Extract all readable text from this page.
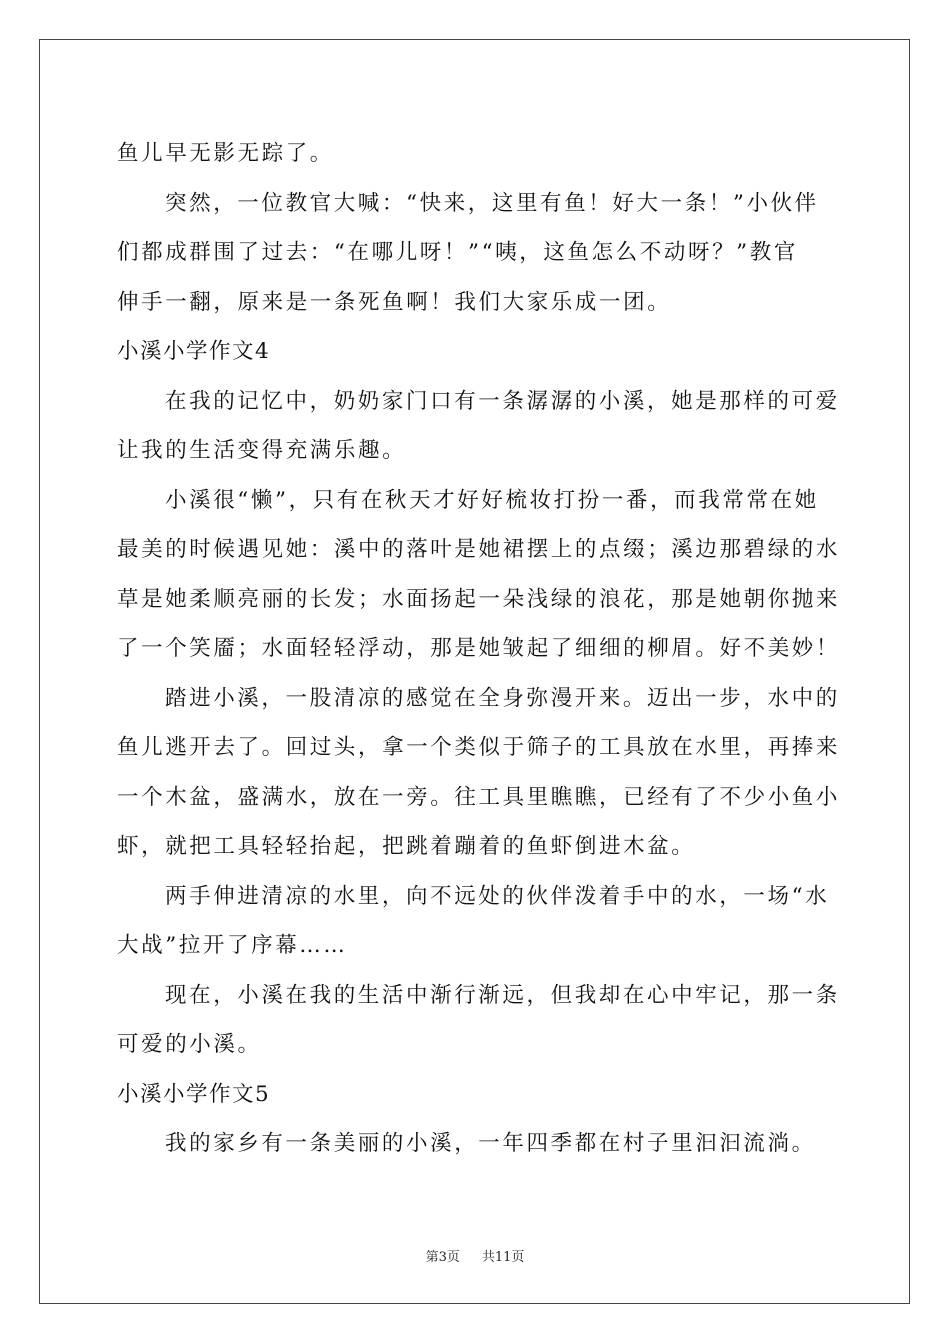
鱼儿早无影无踪了。
突然，一位教官大喊：“快来，这里有鱼！好大一条！”小伙伴
们都成群围了过去：“在哪儿呀！”“咦，这鱼怎么不动呀？”教官
伸手一翻，原来是一条死鱼啊！我们大家乐成一团。
小溪小学作文4
在我的记忆中，奶奶家门口有一条潺潺的小溪，她是那样的可爱
让我的生活变得充满乐趣。
小溪很“懒”，只有在秋天才好好梳妆打扮一番，而我常常在她
最美的时候遇见她：溪中的落叶是她裙摆上的点缀；溪边那碧绿的水
草是她柔顺亮丽的长发；水面扬起一朵浅绿的浪花，那是她朝你抛来
了一个笑靥；水面轻轻浮动，那是她皱起了细细的柳眉。好不美妙！
踏进小溪，一股清凉的感觉在全身弥漫开来。迈出一步，水中的
鱼儿逃开去了。回过头，拿一个类似于筛子的工具放在水里，再捧来
一个木盆，盛满水，放在一旁。往工具里瞧瞧，已经有了不少小鱼小
虾，就把工具轻轻抬起，把跳着蹦着的鱼虾倒进木盆。
两手伸进清凉的水里，向不远处的伙伴泼着手中的水，一场“水
大战”拉开了序幕……
现在，小溪在我的生活中渐行渐远，但我却在心中牢记，那一条
可爱的小溪。
小溪小学作文5
我的家乡有一条美丽的小溪，一年四季都在村子里汩汩流淌。
第3页 共11页
